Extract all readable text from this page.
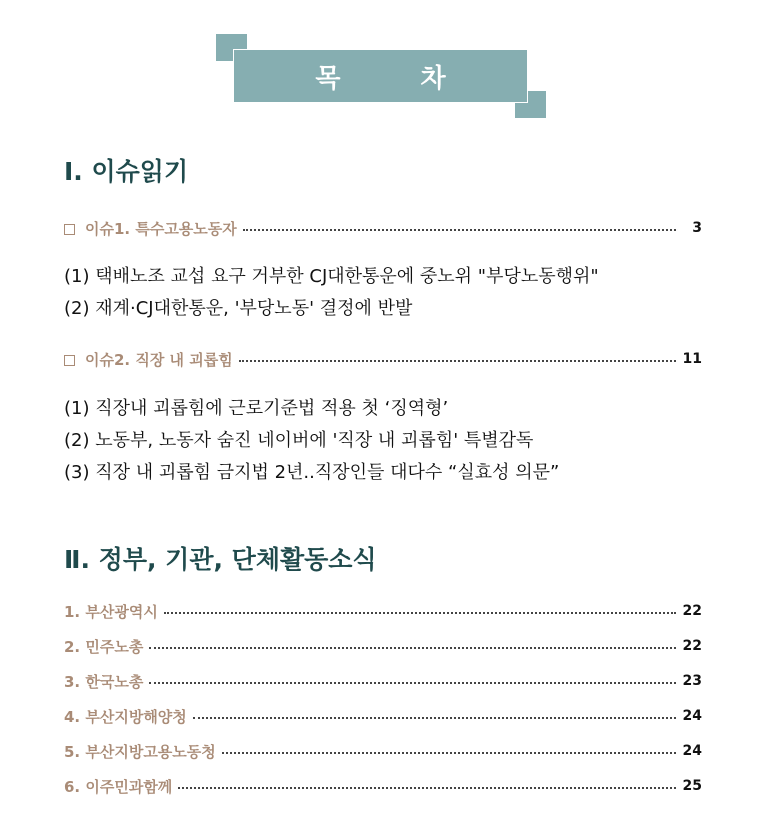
목	차
Ⅰ. 이슈읽기
이슈1. 특수고용노동자	3
(1) 택배노조 교섭 요구 거부한 CJ대한통운에 중노위 "부당노동행위"
(2) 재계·CJ대한통운, '부당노동' 결정에 반발
이슈2. 직장 내 괴롭힘	11
(1) 직장내 괴롭힘에 근로기준법 적용 첫 ‘징역형’
(2) 노동부, 노동자 숨진 네이버에 '직장 내 괴롭힘' 특별감독
(3) 직장 내 괴롭힘 금지법 2년..직장인들 대다수 “실효성 의문”
Ⅱ. 정부, 기관, 단체활동소식
1. 부산광역시	22
2. 민주노총	22
3. 한국노총	23
4. 부산지방해양청	24
5. 부산지방고용노동청	24
6. 이주민과함께	25
